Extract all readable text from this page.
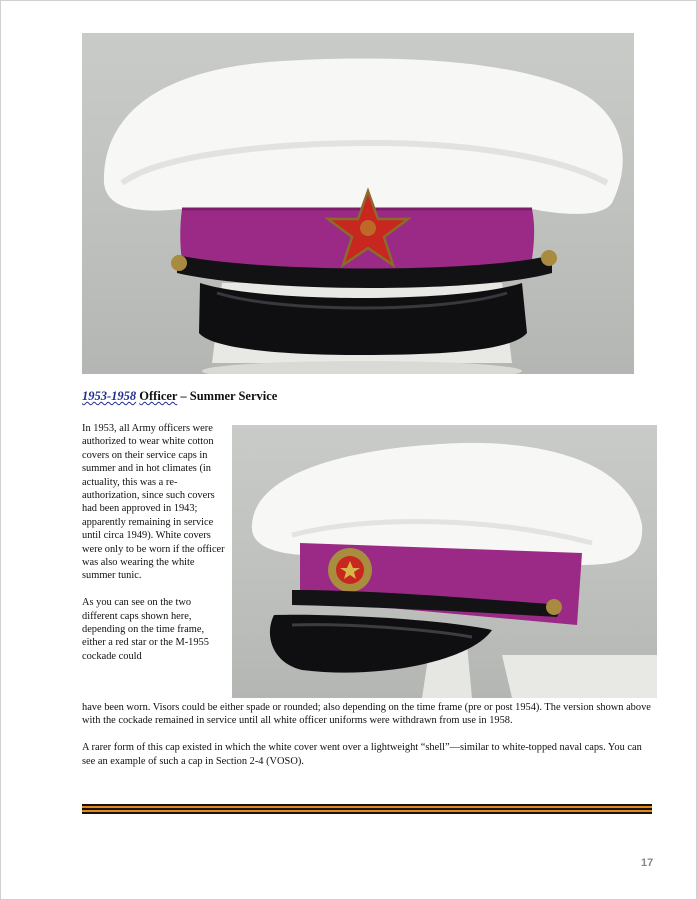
1953-1958 Officer – Summer Service

In 1953, all Army officers were authorized to wear white cotton covers on their service caps in summer and in hot climates (in actuality, this was a re-authorization, since such covers had been approved in 1943; apparently remaining in service until circa 1949). White covers were only to be worn if the officer was also wearing the white summer tunic.

As you can see on the two different caps shown here, depending on the time frame, either a red star or the M-1955 cockade could

have been worn. Visors could be either spade or rounded; also depending on the time frame (pre or post 1954). The version shown above with the cockade remained in service until all white officer uniforms were withdrawn from use in 1958.

A rarer form of this cap existed in which the white cover went over a lightweight “shell”—similar to white-topped naval caps. You can see an example of such a cap in Section 2-4 (VOSO).

17
